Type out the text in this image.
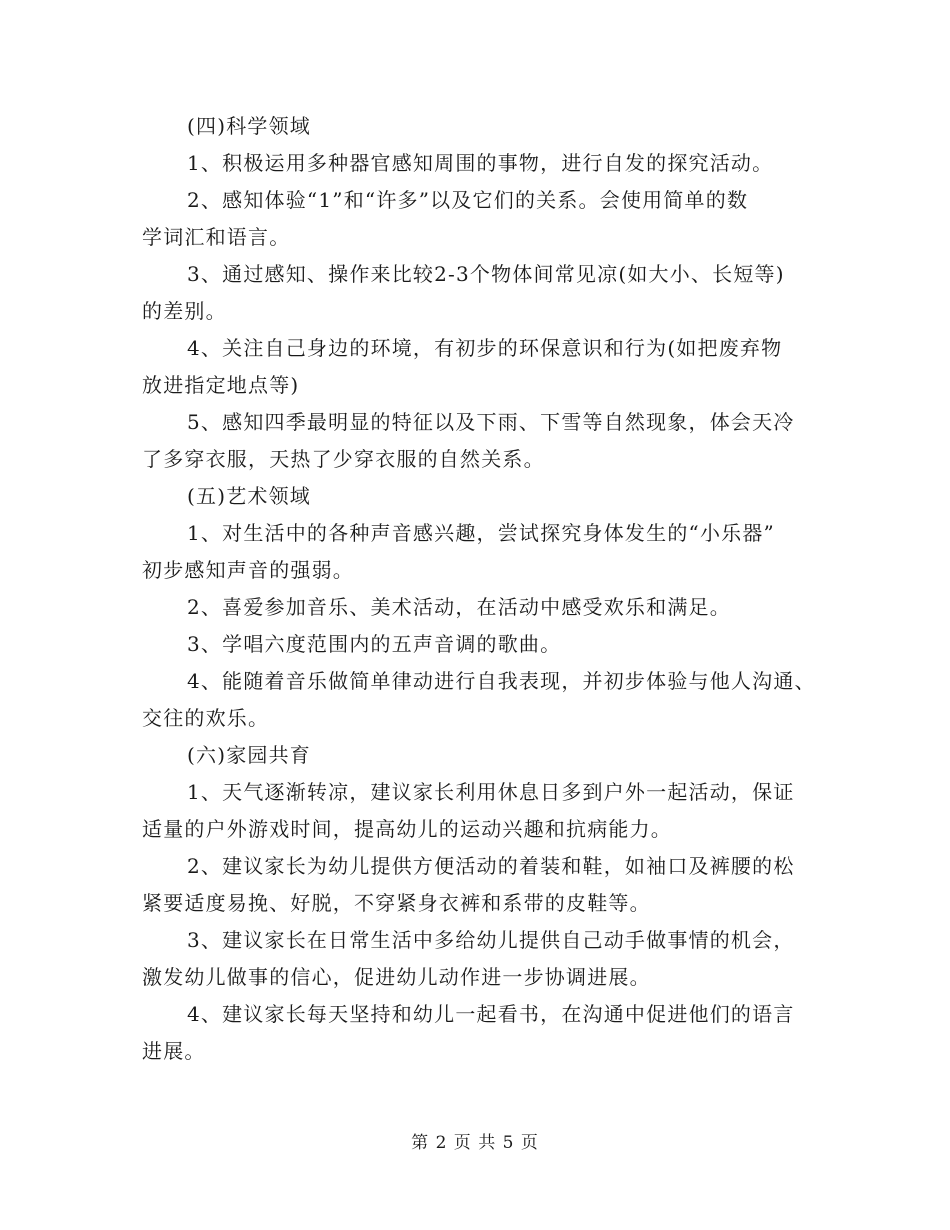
(四)科学领域
1、积极运用多种器官感知周围的事物，进行自发的探究活动。
2、感知体验“1”和“许多”以及它们的关系。会使用简单的数
学词汇和语言。
3、通过感知、操作来比较2-3个物体间常见凉(如大小、长短等)
的差别。
4、关注自己身边的环境，有初步的环保意识和行为(如把废弃物
放进指定地点等)
5、感知四季最明显的特征以及下雨、下雪等自然现象，体会天冷
了多穿衣服，天热了少穿衣服的自然关系。
(五)艺术领域
1、对生活中的各种声音感兴趣，尝试探究身体发生的“小乐器”
初步感知声音的强弱。
2、喜爱参加音乐、美术活动，在活动中感受欢乐和满足。
3、学唱六度范围内的五声音调的歌曲。
4、能随着音乐做简单律动进行自我表现，并初步体验与他人沟通、
交往的欢乐。
(六)家园共育
1、天气逐渐转凉，建议家长利用休息日多到户外一起活动，保证
适量的户外游戏时间，提高幼儿的运动兴趣和抗病能力。
2、建议家长为幼儿提供方便活动的着装和鞋，如袖口及裤腰的松
紧要适度易挽、好脱，不穿紧身衣裤和系带的皮鞋等。
3、建议家长在日常生活中多给幼儿提供自己动手做事情的机会，
激发幼儿做事的信心，促进幼儿动作进一步协调进展。
4、建议家长每天坚持和幼儿一起看书，在沟通中促进他们的语言
进展。
第 2 页 共 5 页
